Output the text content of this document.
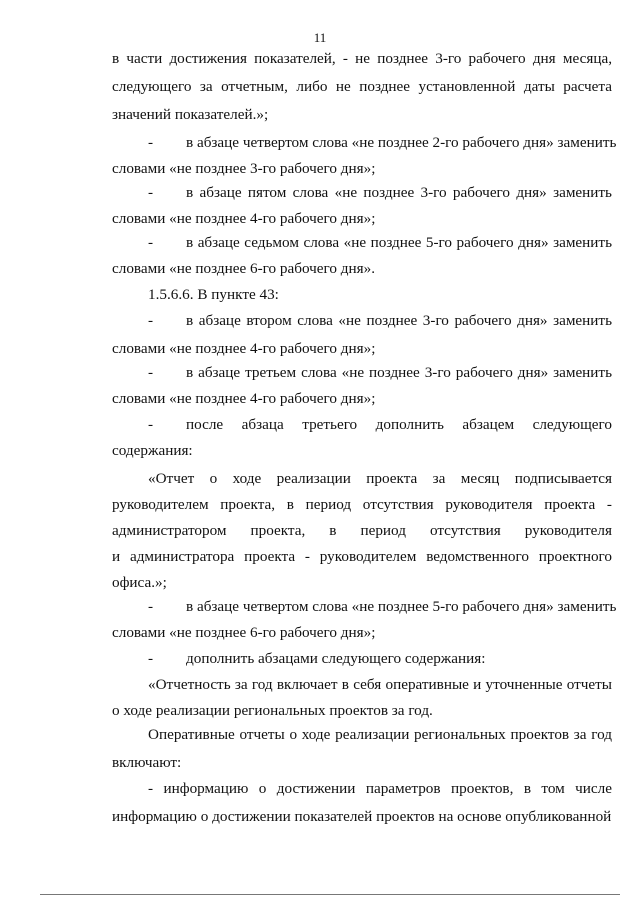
11
в части достижения показателей, - не позднее 3-го рабочего дня месяца,
следующего за отчетным, либо не позднее установленной даты расчета
значений показателей.»;
- в абзаце четвертом слова «не позднее 2-го рабочего дня» заменить
словами «не позднее 3-го рабочего дня»;
- в абзаце пятом слова «не позднее 3-го рабочего дня» заменить
словами «не позднее 4-го рабочего дня»;
- в абзаце седьмом слова «не позднее 5-го рабочего дня» заменить
словами «не позднее 6-го рабочего дня».
1.5.6.6. В пункте 43:
- в абзаце втором слова «не позднее 3-го рабочего дня» заменить
словами «не позднее 4-го рабочего дня»;
- в абзаце третьем слова «не позднее 3-го рабочего дня» заменить
словами «не позднее 4-го рабочего дня»;
- после абзаца третьего дополнить абзацем следующего
содержания:
«Отчет о ходе реализации проекта за месяц подписывается
руководителем проекта, в период отсутствия руководителя проекта -
администратором проекта, в период отсутствия руководителя
и администратора проекта - руководителем ведомственного проектного
офиса.»;
- в абзаце четвертом слова «не позднее 5-го рабочего дня» заменить
словами «не позднее 6-го рабочего дня»;
- дополнить абзацами следующего содержания:
«Отчетность за год включает в себя оперативные и уточненные отчеты
о ходе реализации региональных проектов за год.
Оперативные отчеты о ходе реализации региональных проектов за год
включают:
- информацию о достижении параметров проектов, в том числе
информацию о достижении показателей проектов на основе опубликованной
